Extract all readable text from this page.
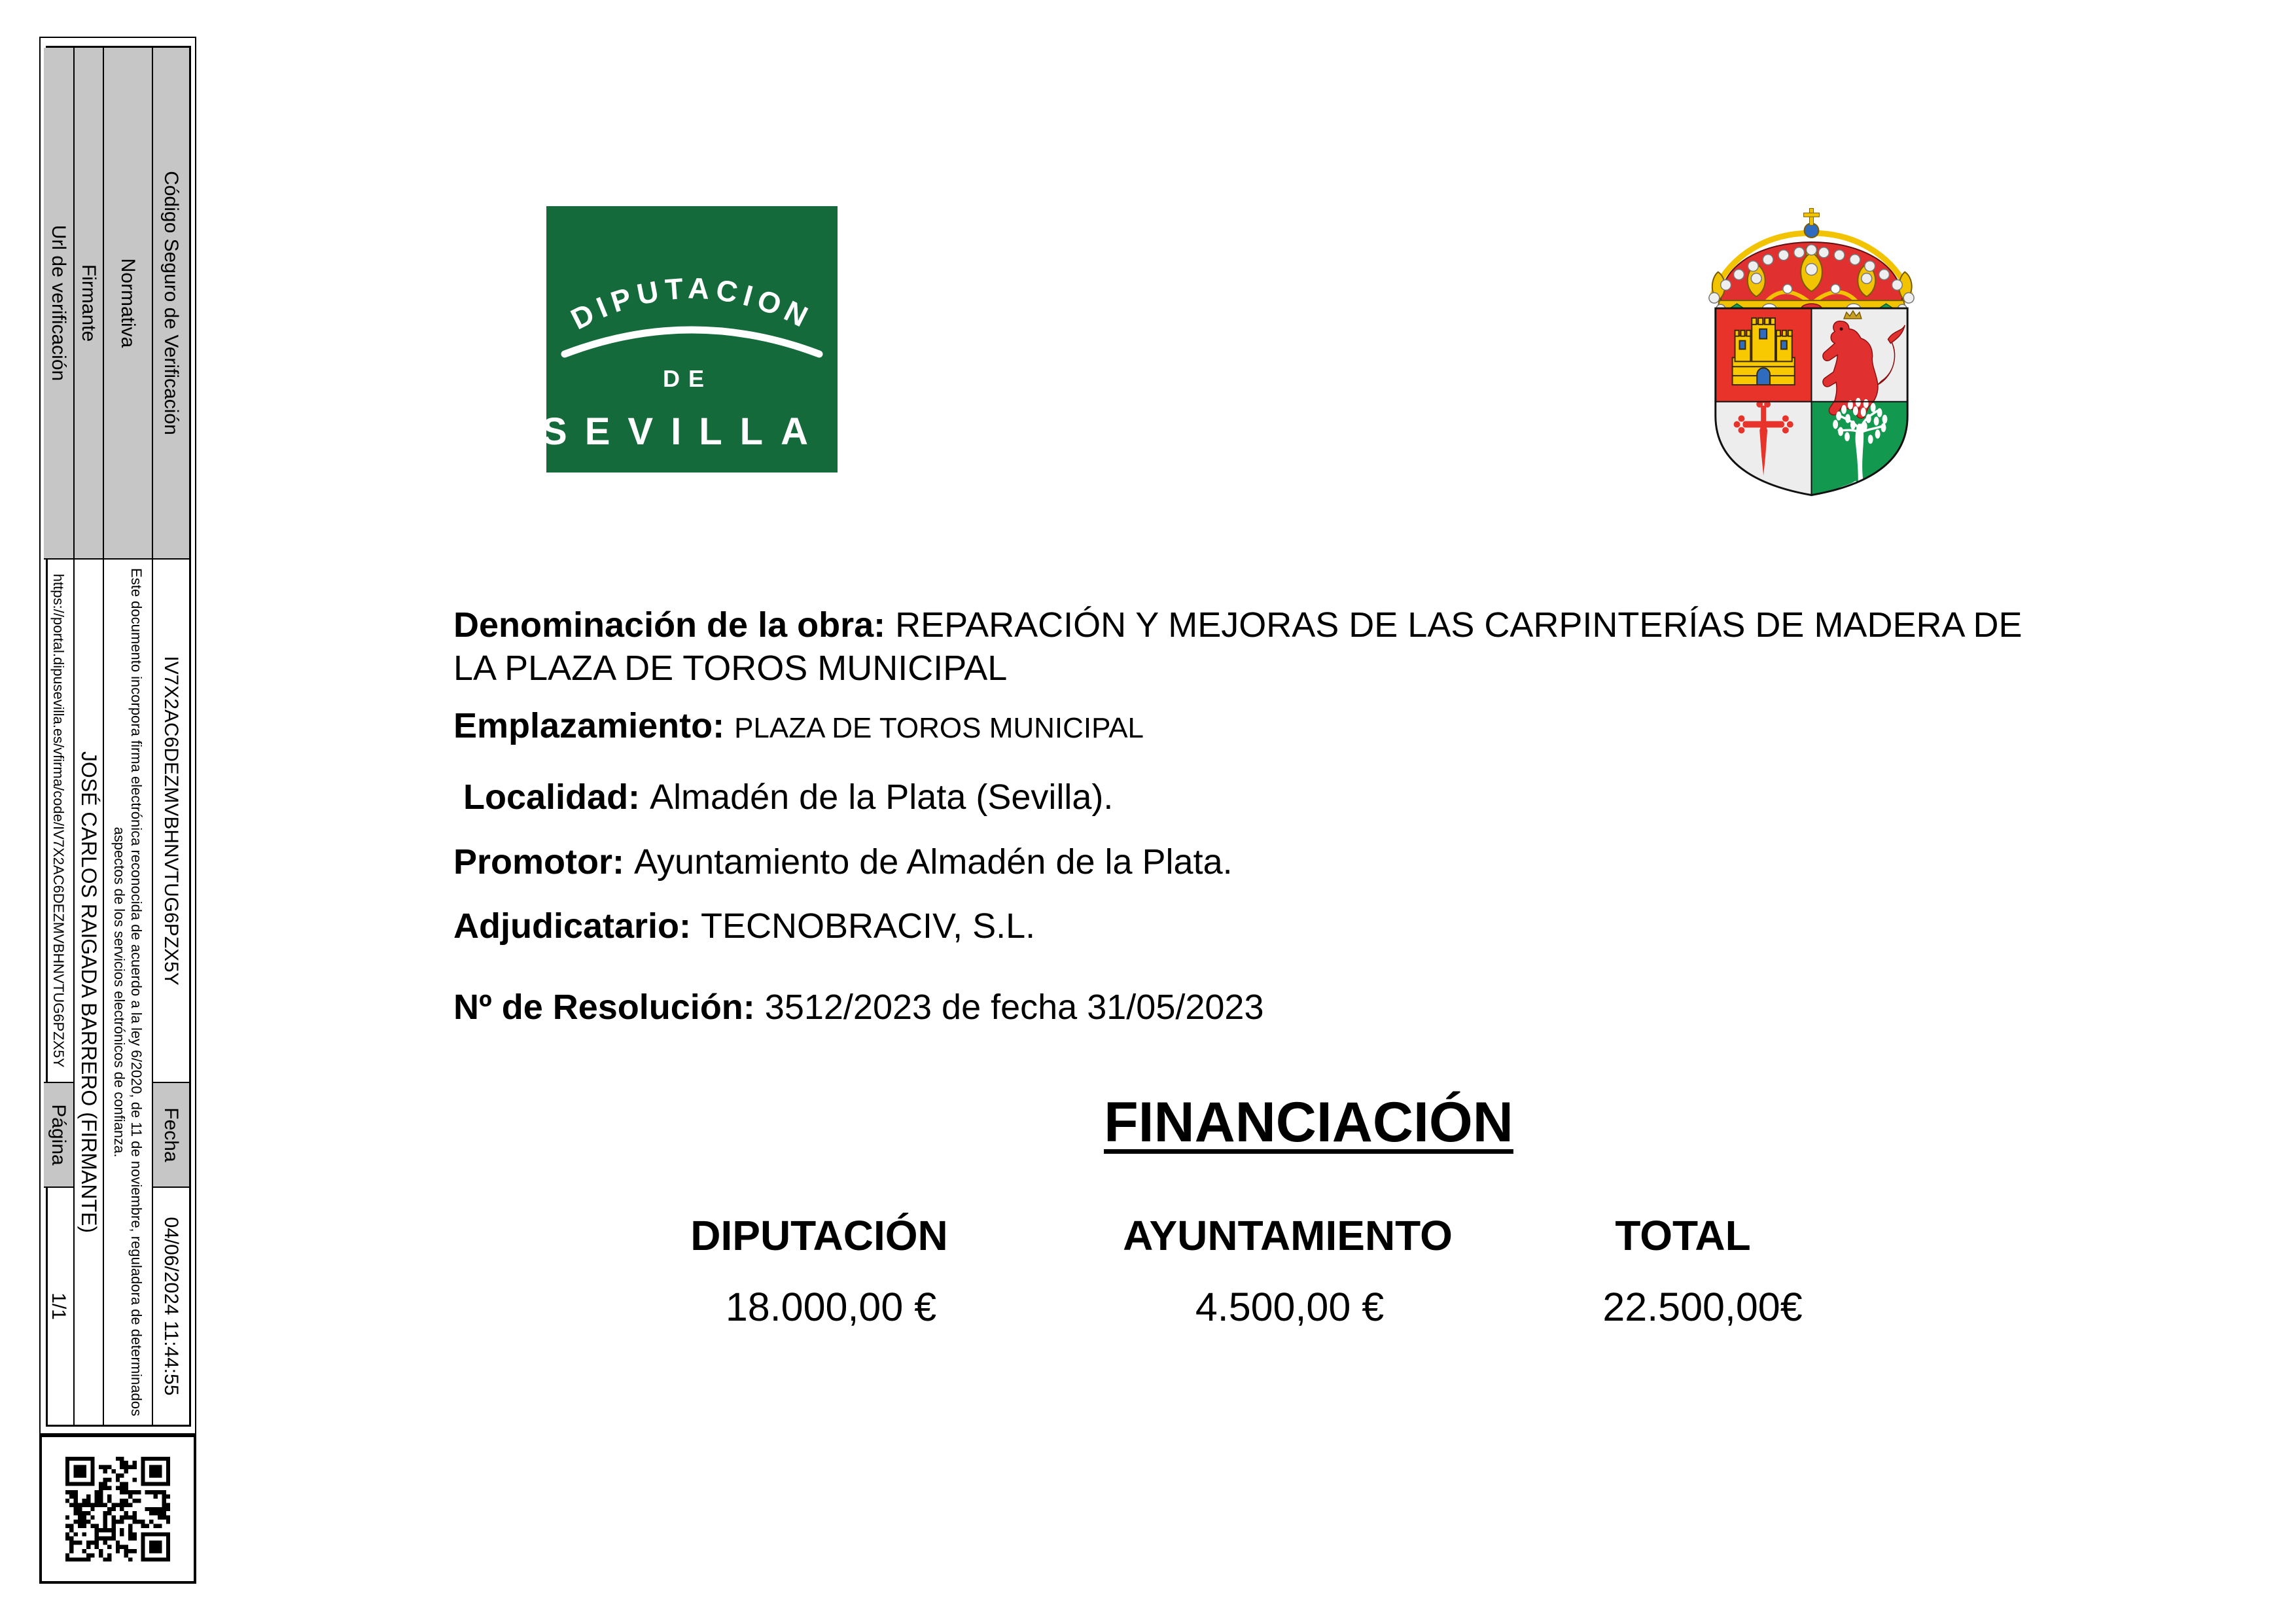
Código Seguro de Verificación
IV7X2AC6DEZMVBHNVTUG6PZX5Y
Fecha
04/06/2024 11:44:55
Normativa
Este documento incorpora firma electrónica reconocida de acuerdo a la ley 6/2020, de 11 de noviembre, reguladora de determinados aspectos de los servicios electrónicos de confianza.
Firmante
JOSÉ CARLOS RAIGADA BARRERO (FIRMANTE)
Url de verificación
https://portal.dipusevilla.es/vfirma/code/IV7X2AC6DEZMVBHNVTUG6PZX5Y
Página
1/1
DIPUTACION
DE
SEVILLA

Denominación de la obra: REPARACIÓN Y MEJORAS DE LAS CARPINTERÍAS DE MADERA DE LA PLAZA DE TOROS MUNICIPAL

Emplazamiento: PLAZA DE TOROS MUNICIPAL

Localidad: Almadén de la Plata (Sevilla).

Promotor: Ayuntamiento de Almadén de la Plata.

Adjudicatario: TECNOBRACIV, S.L.

Nº de Resolución: 3512/2023 de fecha 31/05/2023

FINANCIACIÓN
DIPUTACIÓN	AYUNTAMIENTO	TOTAL
18.000,00 €	4.500,00 €	22.500,00€
